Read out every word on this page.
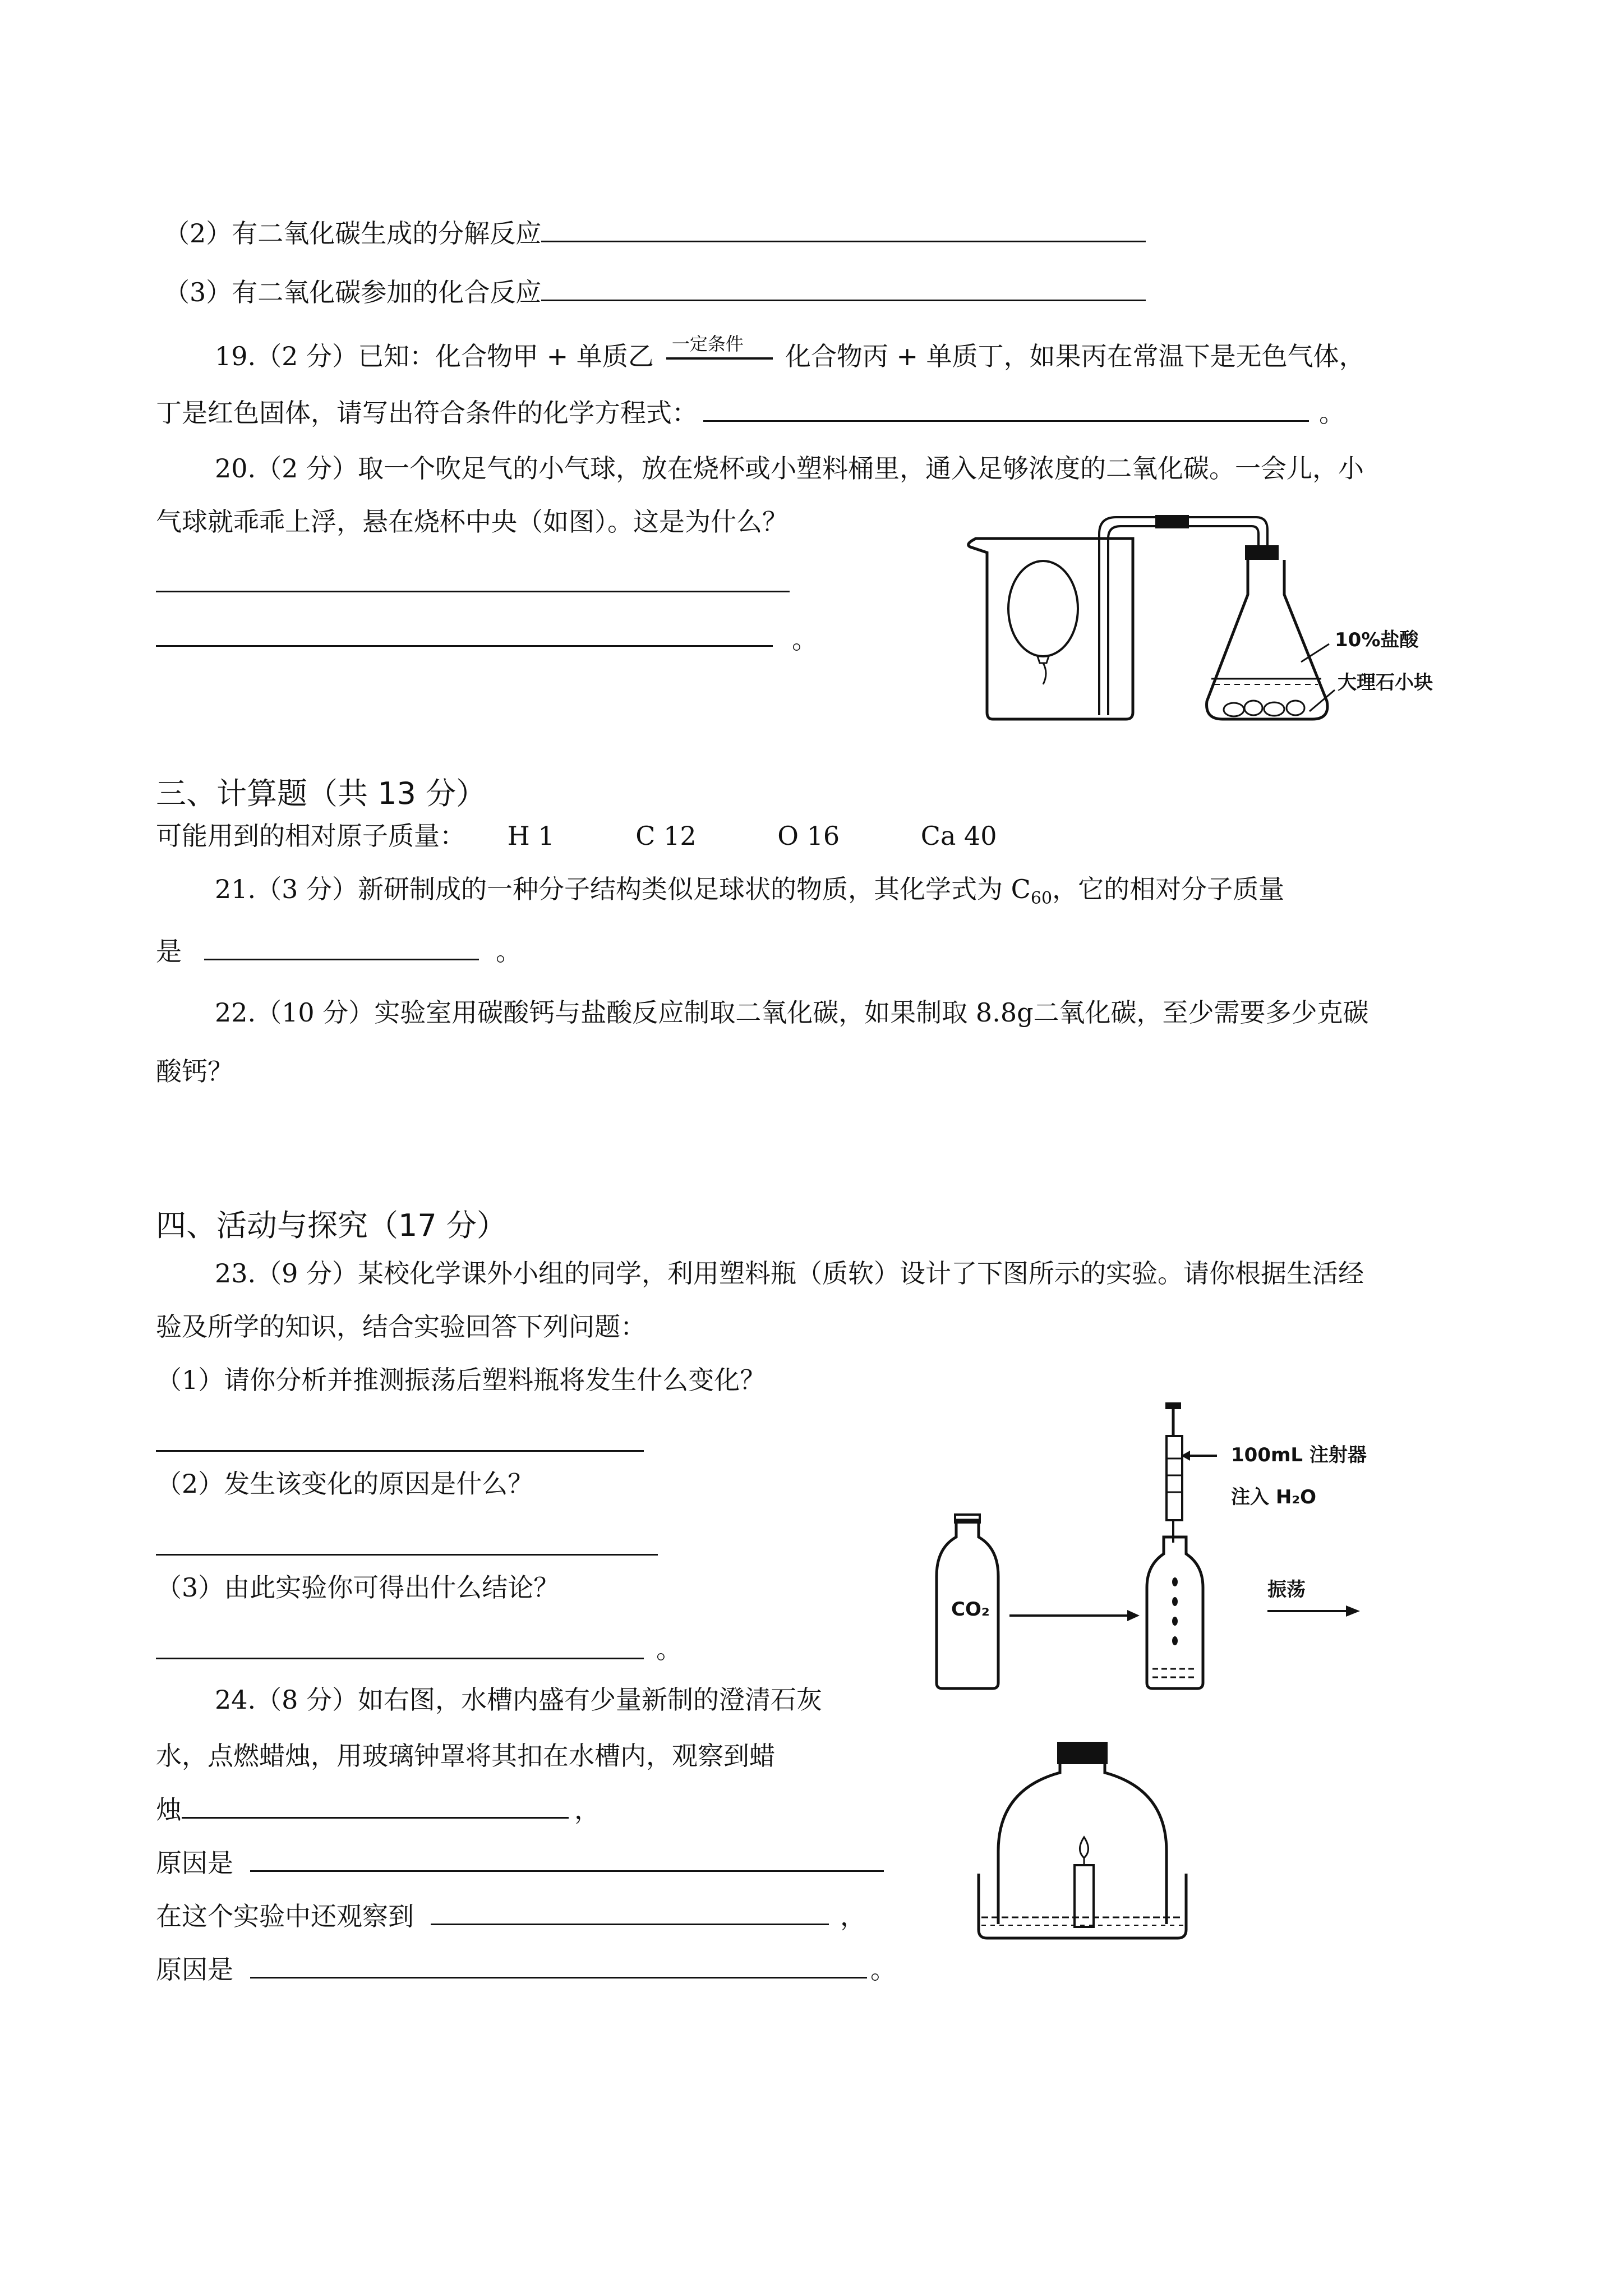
（2）有二氧化碳生成的分解反应
（3）有二氧化碳参加的化合反应
19.（2 分）已知：化合物甲 + 单质乙 一定条件 化合物丙 + 单质丁，如果丙在常温下是无色气体，
丁是红色固体，请写出符合条件的化学方程式：	。
20.（2 分）取一个吹足气的小气球，放在烧杯或小塑料桶里，通入足够浓度的二氧化碳。一会儿，小
气球就乖乖上浮，悬在烧杯中央（如图）。这是为什么？
。	10%盐酸
大理石小块
三、计算题（共 13 分）
可能用到的相对原子质量： H 1	C 12	O 16	Ca 40
21.（3 分）新研制成的一种分子结构类似足球状的物质，其化学式为 $C_{60}$，它的相对分子质量
是	。
22.（10 分）实验室用碳酸钙与盐酸反应制取二氧化碳，如果制取 8.8g二氧化碳，至少需要多少克碳
酸钙？
四、活动与探究（17 分）
23.（9 分）某校化学课外小组的同学，利用塑料瓶（质软）设计了下图所示的实验。请你根据生活经
验及所学的知识，结合实验回答下列问题：
（1）请你分析并推测振荡后塑料瓶将发生什么变化？
（2）发生该变化的原因是什么？
（3）由此实验你可得出什么结论？
。
CO₂
100mL 注射器
注入 H₂O
振荡
24.（8 分）如右图，水槽内盛有少量新制的澄清石灰
水，点燃蜡烛，用玻璃钟罩将其扣在水槽内，观察到蜡
烛	，
原因是
在这个实验中还观察到	，
原因是	。
